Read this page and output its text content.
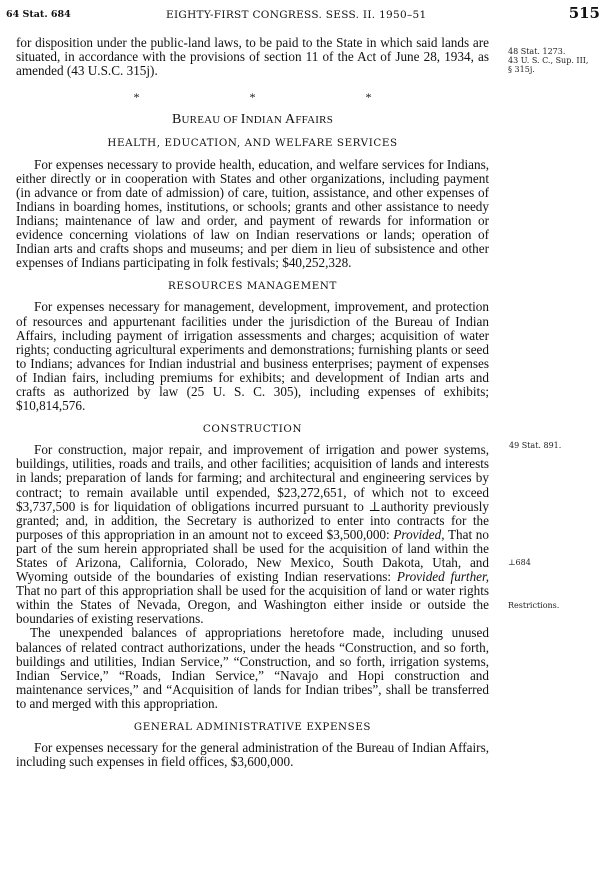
64 Stat. 684	EIGHTY-FIRST CONGRESS. SESS. II. 1950–51	515

for disposition under the public-land laws, to be paid to the State in which said lands are situated, in accordance with the provisions of section 11 of the Act of June 28, 1934, as amended (43 U.S.C. 315j).

*	*	*
BUREAU OF INDIAN AFFAIRS
HEALTH, EDUCATION, AND WELFARE SERVICES

For expenses necessary to provide health, education, and welfare services for Indians, either directly or in cooperation with States and other organizations, including payment (in advance or from date of admission) of care, tuition, assistance, and other expenses of Indians in boarding homes, institutions, or schools; grants and other assistance to needy Indians; maintenance of law and order, and payment of rewards for information or evidence concerning violations of law on Indian reservations or lands; operation of Indian arts and crafts shops and museums; and per diem in lieu of subsistence and other expenses of Indians participating in folk festivals; $40,252,328.

RESOURCES MANAGEMENT

For expenses necessary for management, development, improvement, and protection of resources and appurtenant facilities under the jurisdiction of the Bureau of Indian Affairs, including payment of irrigation assessments and charges; acquisition of water rights; conducting agricultural experiments and demonstrations; furnishing plants or seed to Indians; advances for Indian industrial and business enterprises; payment of expenses of Indian fairs, including premiums for exhibits; and development of Indian arts and crafts as authorized by law (25 U. S. C. 305), including expenses of exhibits; $10,814,576.

CONSTRUCTION

For construction, major repair, and improvement of irrigation and power systems, buildings, utilities, roads and trails, and other facilities; acquisition of lands and interests in lands; preparation of lands for farming; and architectural and engineering services by contract; to remain available until expended, $23,272,651, of which not to exceed $3,737,500 is for liquidation of obligations incurred pursuant to ⊥authority previously granted; and, in addition, the Secretary is authorized to enter into contracts for the purposes of this appropriation in an amount not to exceed $3,500,000: Provided, That no part of the sum herein appropriated shall be used for the acquisition of land within the States of Arizona, California, Colorado, New Mexico, South Dakota, Utah, and Wyoming outside of the boundaries of existing Indian reservations: Provided further, That no part of this appropriation shall be used for the acquisition of land or water rights within the States of Nevada, Oregon, and Washington either inside or outside the boundaries of existing reservations.

The unexpended balances of appropriations heretofore made, including unused balances of related contract authorizations, under the heads “Construction, and so forth, buildings and utilities, Indian Service,” “Construction, and so forth, irrigation systems, Indian Service,” “Roads, Indian Service,” “Navajo and Hopi construction and maintenance services,” and “Acquisition of lands for Indian tribes”, shall be transferred to and merged with this appropriation.

GENERAL ADMINISTRATIVE EXPENSES

For expenses necessary for the general administration of the Bureau of Indian Affairs, including such expenses in field offices, $3,600,000.

48 Stat. 1273.
43 U. S. C., Sup. III,
§ 315j.
49 Stat. 891.
⊥684
Restrictions.
